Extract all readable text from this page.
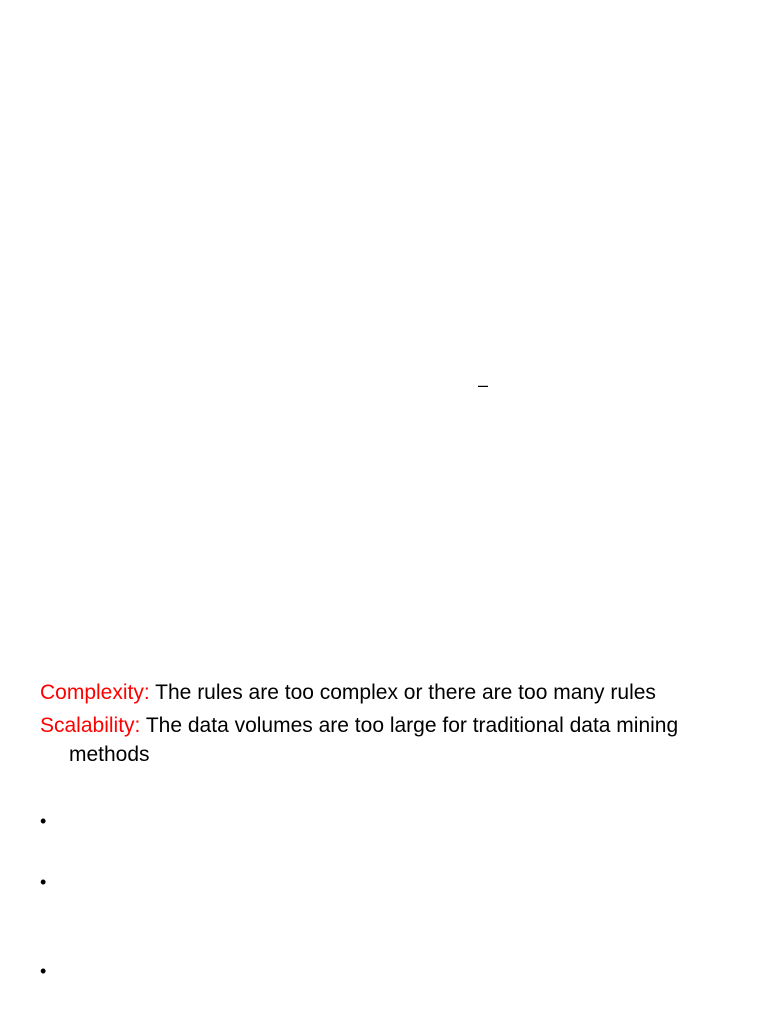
–

Complexity: The rules are too complex or there are too many rules

Scalability: The data volumes are too large for traditional data mining methods

•
•
•
